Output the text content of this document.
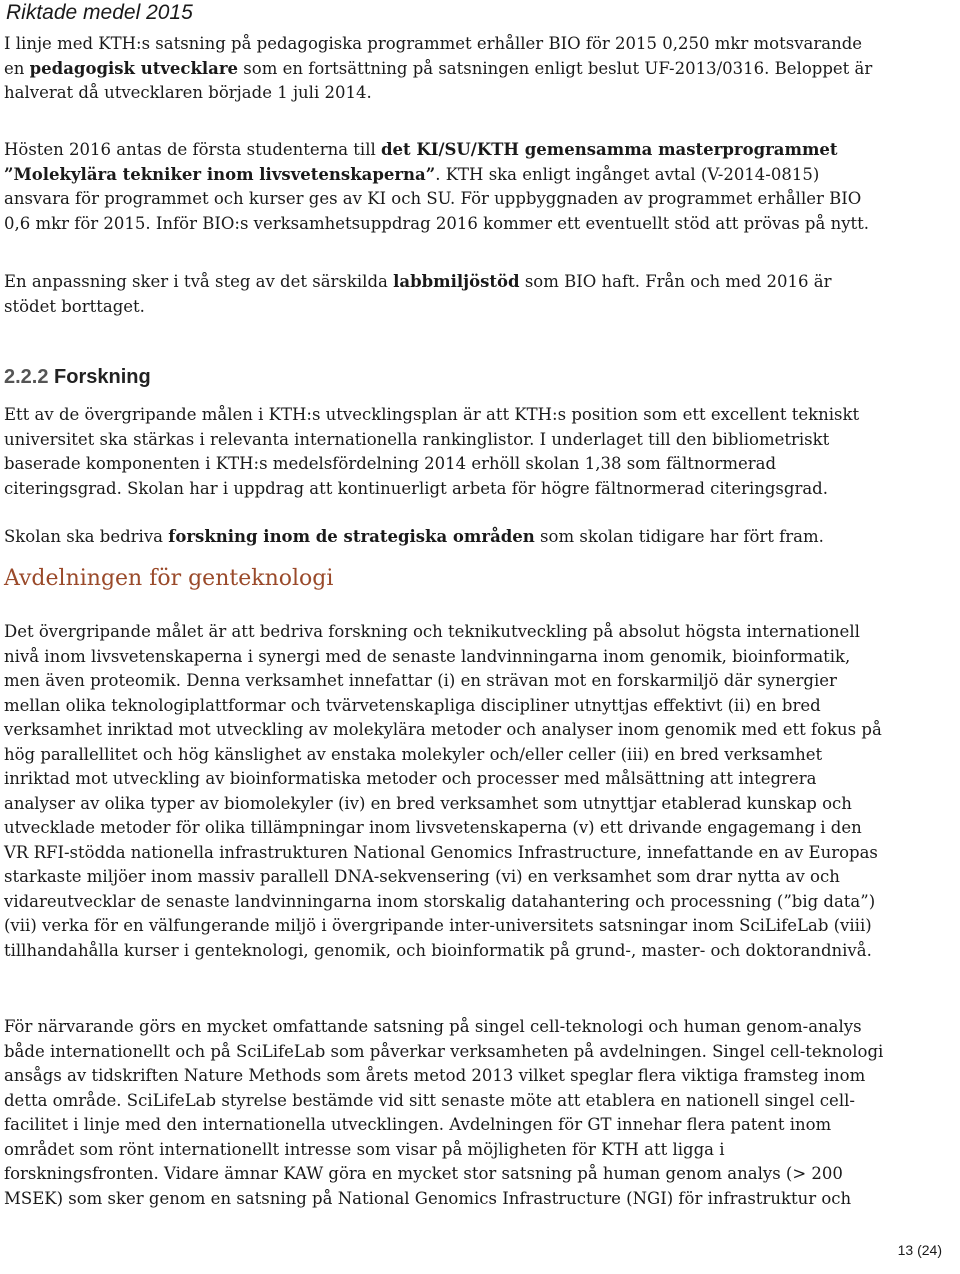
Riktade medel 2015

I linje med KTH:s satsning på pedagogiska programmet erhåller BIO för 2015 0,250 mkr motsvarande en pedagogisk utvecklare som en fortsättning på satsningen enligt beslut UF-2013/0316. Beloppet är halverat då utvecklaren började 1 juli 2014.

Hösten 2016 antas de första studenterna till det KI/SU/KTH gemensamma masterprogrammet ”Molekylära tekniker inom livsvetenskaperna”. KTH ska enligt ingånget avtal (V-2014-0815) ansvara för programmet och kurser ges av KI och SU. För uppbyggnaden av programmet erhåller BIO 0,6 mkr för 2015. Inför BIO:s verksamhetsuppdrag 2016 kommer ett eventuellt stöd att prövas på nytt.

En anpassning sker i två steg av det särskilda labbmiljöstöd som BIO haft. Från och med 2016 är stödet borttaget.

2.2.2 Forskning

Ett av de övergripande målen i KTH:s utvecklingsplan är att KTH:s position som ett excellent tekniskt universitet ska stärkas i relevanta internationella rankinglistor. I underlaget till den bibliometriskt baserade komponenten i KTH:s medelsfördelning 2014 erhöll skolan 1,38 som fältnormerad citeringsgrad. Skolan har i uppdrag att kontinuerligt arbeta för högre fältnormerad citeringsgrad.

Skolan ska bedriva forskning inom de strategiska områden som skolan tidigare har fört fram.

Avdelningen för genteknologi

Det övergripande målet är att bedriva forskning och teknikutveckling på absolut högsta internationell nivå inom livsvetenskaperna i synergi med de senaste landvinningarna inom genomik, bioinformatik, men även proteomik. Denna verksamhet innefattar (i) en strävan mot en forskarmiljö där synergier mellan olika teknologiplattformar och tvärvetenskapliga discipliner utnyttjas effektivt (ii) en bred verksamhet inriktad mot utveckling av molekylära metoder och analyser inom genomik med ett fokus på hög parallellitet och hög känslighet av enstaka molekyler och/eller celler (iii) en bred verksamhet inriktad mot utveckling av bioinformatiska metoder och processer med målsättning att integrera analyser av olika typer av biomolekyler (iv) en bred verksamhet som utnyttjar etablerad kunskap och utvecklade metoder för olika tillämpningar inom livsvetenskaperna (v) ett drivande engagemang i den VR RFI-stödda nationella infrastrukturen National Genomics Infrastructure, innefattande en av Europas starkaste miljöer inom massiv parallell DNA-sekvensering (vi) en verksamhet som drar nytta av och vidareutvecklar de senaste landvinningarna inom storskalig datahantering och processning (”big data”) (vii) verka för en välfungerande miljö i övergripande inter-universitets satsningar inom SciLifeLab (viii) tillhandahålla kurser i genteknologi, genomik, och bioinformatik på grund-, master- och doktorandnivå.

För närvarande görs en mycket omfattande satsning på singel cell-teknologi och human genom-analys både internationellt och på SciLifeLab som påverkar verksamheten på avdelningen. Singel cell-teknologi ansågs av tidskriften Nature Methods som årets metod 2013 vilket speglar flera viktiga framsteg inom detta område. SciLifeLab styrelse bestämde vid sitt senaste möte att etablera en nationell singel cell-facilitet i linje med den internationella utvecklingen. Avdelningen för GT innehar flera patent inom området som rönt internationellt intresse som visar på möjligheten för KTH att ligga i forskningsfronten. Vidare ämnar KAW göra en mycket stor satsning på human genom analys (> 200 MSEK) som sker genom en satsning på National Genomics Infrastructure (NGI) för infrastruktur och

13 (24)
